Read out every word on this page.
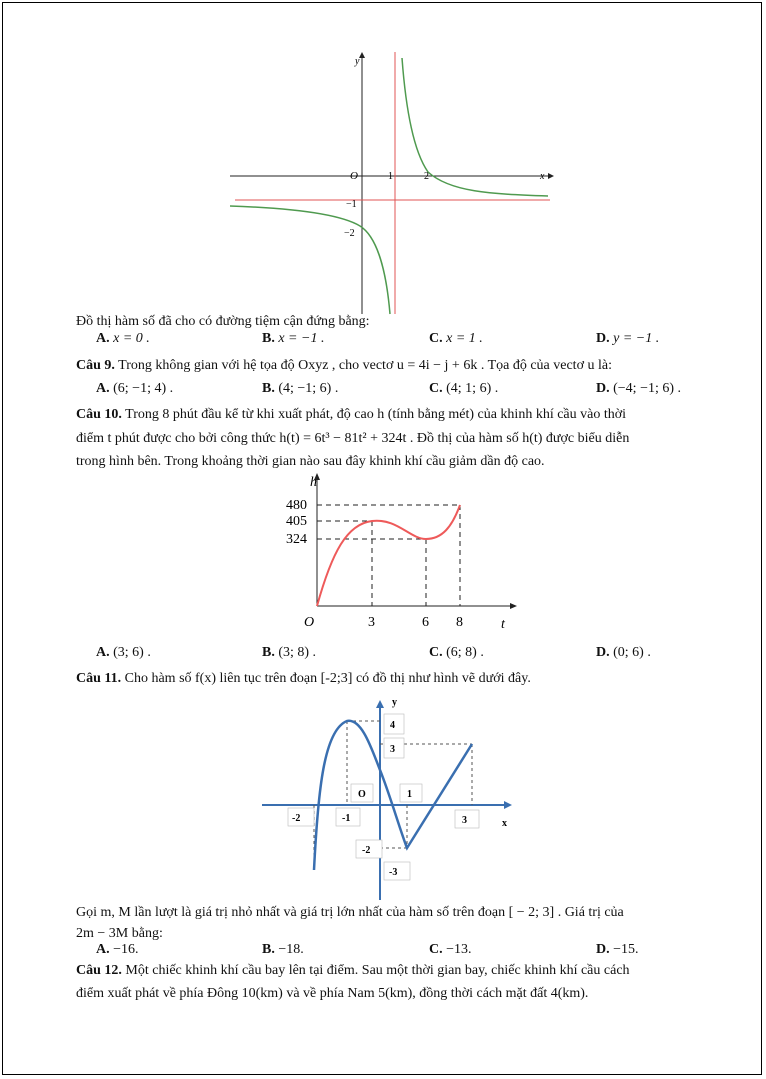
y
O	x
1	2
−1
−2
Đồ thị hàm số đã cho có đường tiệm cận đứng bằng:
A. x = 0 .	B. x = −1 .	C. x = 1 .	D. y = −1 .
Câu 9. Trong không gian với hệ tọa độ Oxyz , cho vectơ u = 4i − j + 6k . Tọa độ của vectơ u là:
A. (6; −1; 4) .	B. (4; −1; 6) .	C. (4; 1; 6) .	D. (−4; −1; 6) .
Câu 10. Trong 8 phút đầu kể từ khi xuất phát, độ cao h (tính bằng mét) của khinh khí cầu vào thời
điểm t phút được cho bởi công thức h(t) = 6t³ − 81t² + 324t . Đồ thị của hàm số h(t) được biểu diễn
trong hình bên. Trong khoảng thời gian nào sau đây khinh khí cầu giảm dần độ cao.
h
t
O
480
405
324
3	6 8
A. (3; 6) .	B. (3; 8) .	C. (6; 8) .	D. (0; 6) .
Câu 11. Cho hàm số f(x) liên tục trên đoạn [-2;3] có đồ thị như hình vẽ dưới đây.
y
x
4
3
O	1
-2	-1	3
-2
-3
Gọi m, M lần lượt là giá trị nhỏ nhất và giá trị lớn nhất của hàm số trên đoạn [ − 2; 3] . Giá trị của
2m − 3M bằng:
A. −16.	B. −18.	C. −13.	D. −15.
Câu 12. Một chiếc khinh khí cầu bay lên tại điểm. Sau một thời gian bay, chiếc khinh khí cầu cách
điểm xuất phát về phía Đông 10(km) và về phía Nam 5(km), đồng thời cách mặt đất 4(km).
